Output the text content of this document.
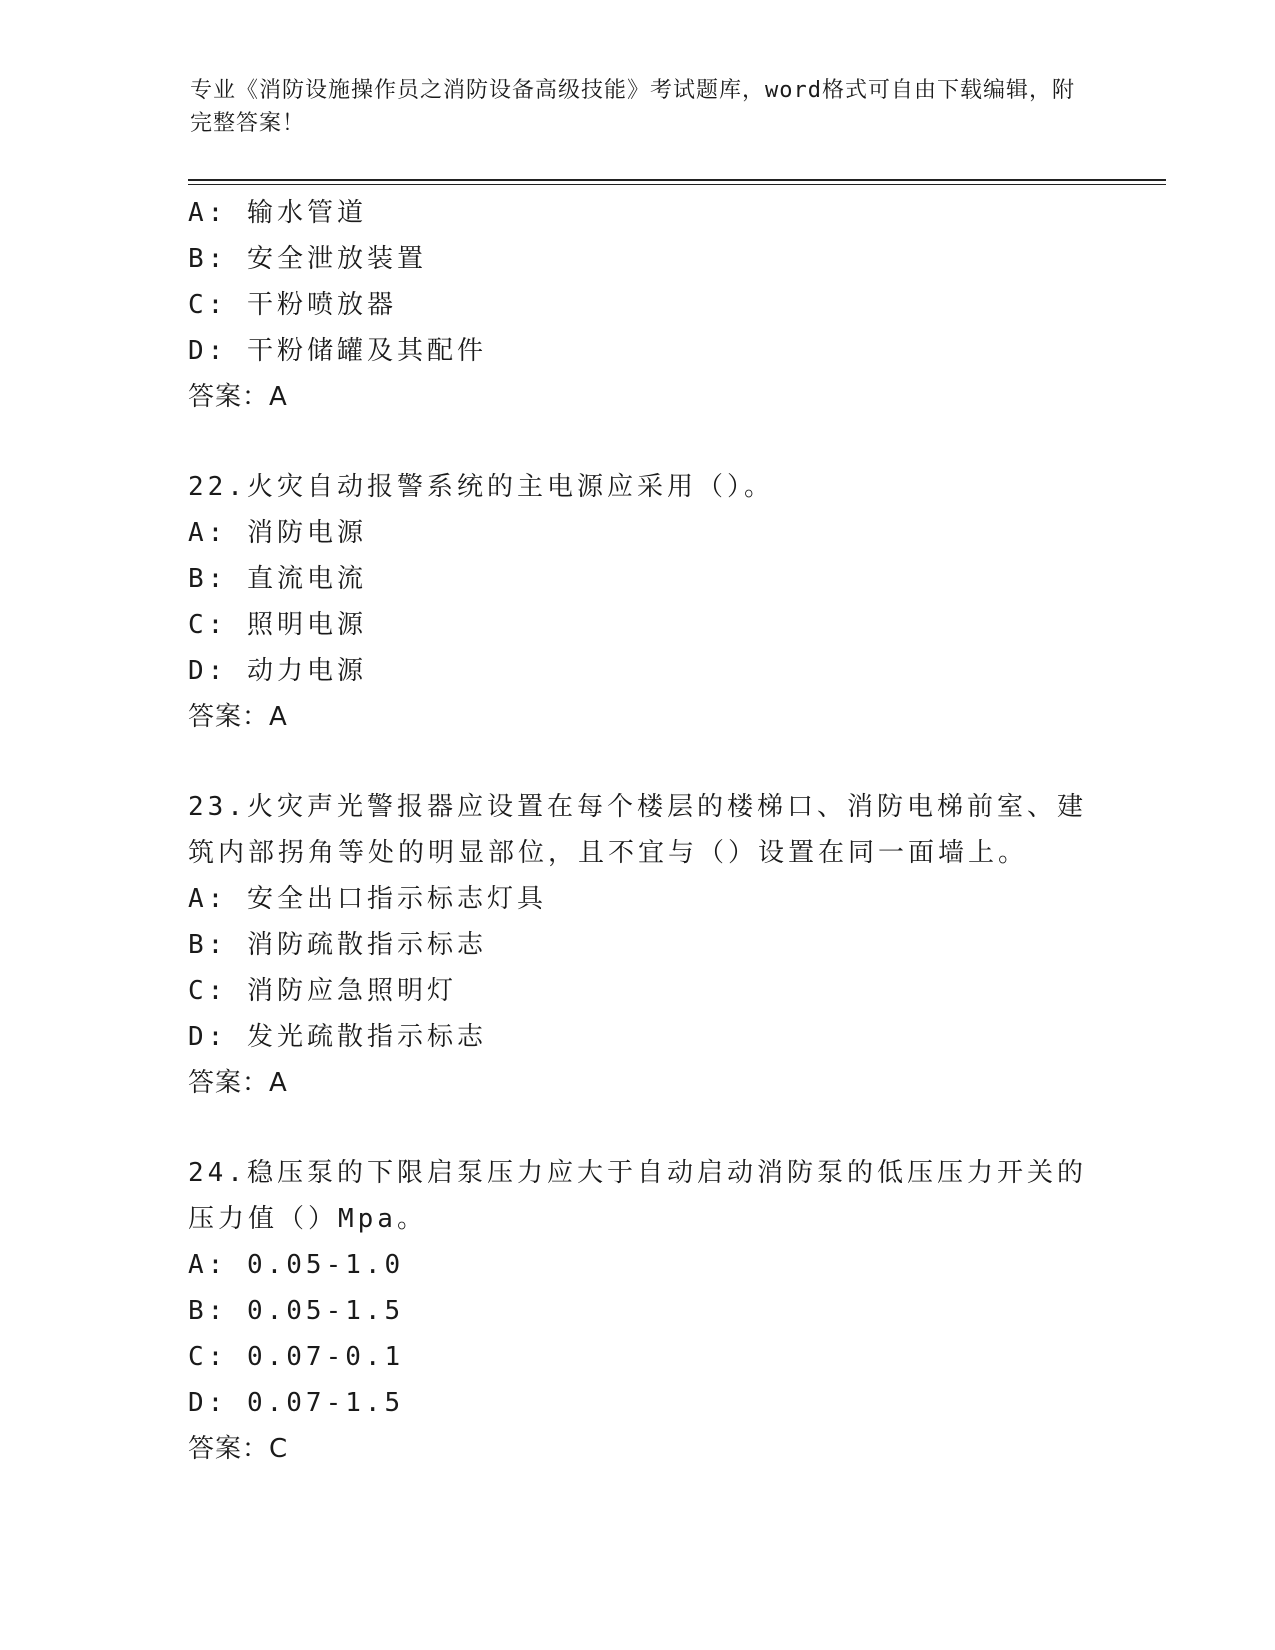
专业《消防设施操作员之消防设备高级技能》考试题库，word格式可自由下载编辑，附完整答案！
A: 输水管道
B: 安全泄放装置
C: 干粉喷放器
D: 干粉储罐及其配件
答案：A
22.火灾自动报警系统的主电源应采用（）。
A: 消防电源
B: 直流电流
C: 照明电源
D: 动力电源
答案：A
23.火灾声光警报器应设置在每个楼层的楼梯口、消防电梯前室、建筑内部拐角等处的明显部位，且不宜与（）设置在同一面墙上。
A: 安全出口指示标志灯具
B: 消防疏散指示标志
C: 消防应急照明灯
D: 发光疏散指示标志
答案：A
24.稳压泵的下限启泵压力应大于自动启动消防泵的低压压力开关的压力值（）Mpa。
A: 0.05-1.0
B: 0.05-1.5
C: 0.07-0.1
D: 0.07-1.5
答案：C
